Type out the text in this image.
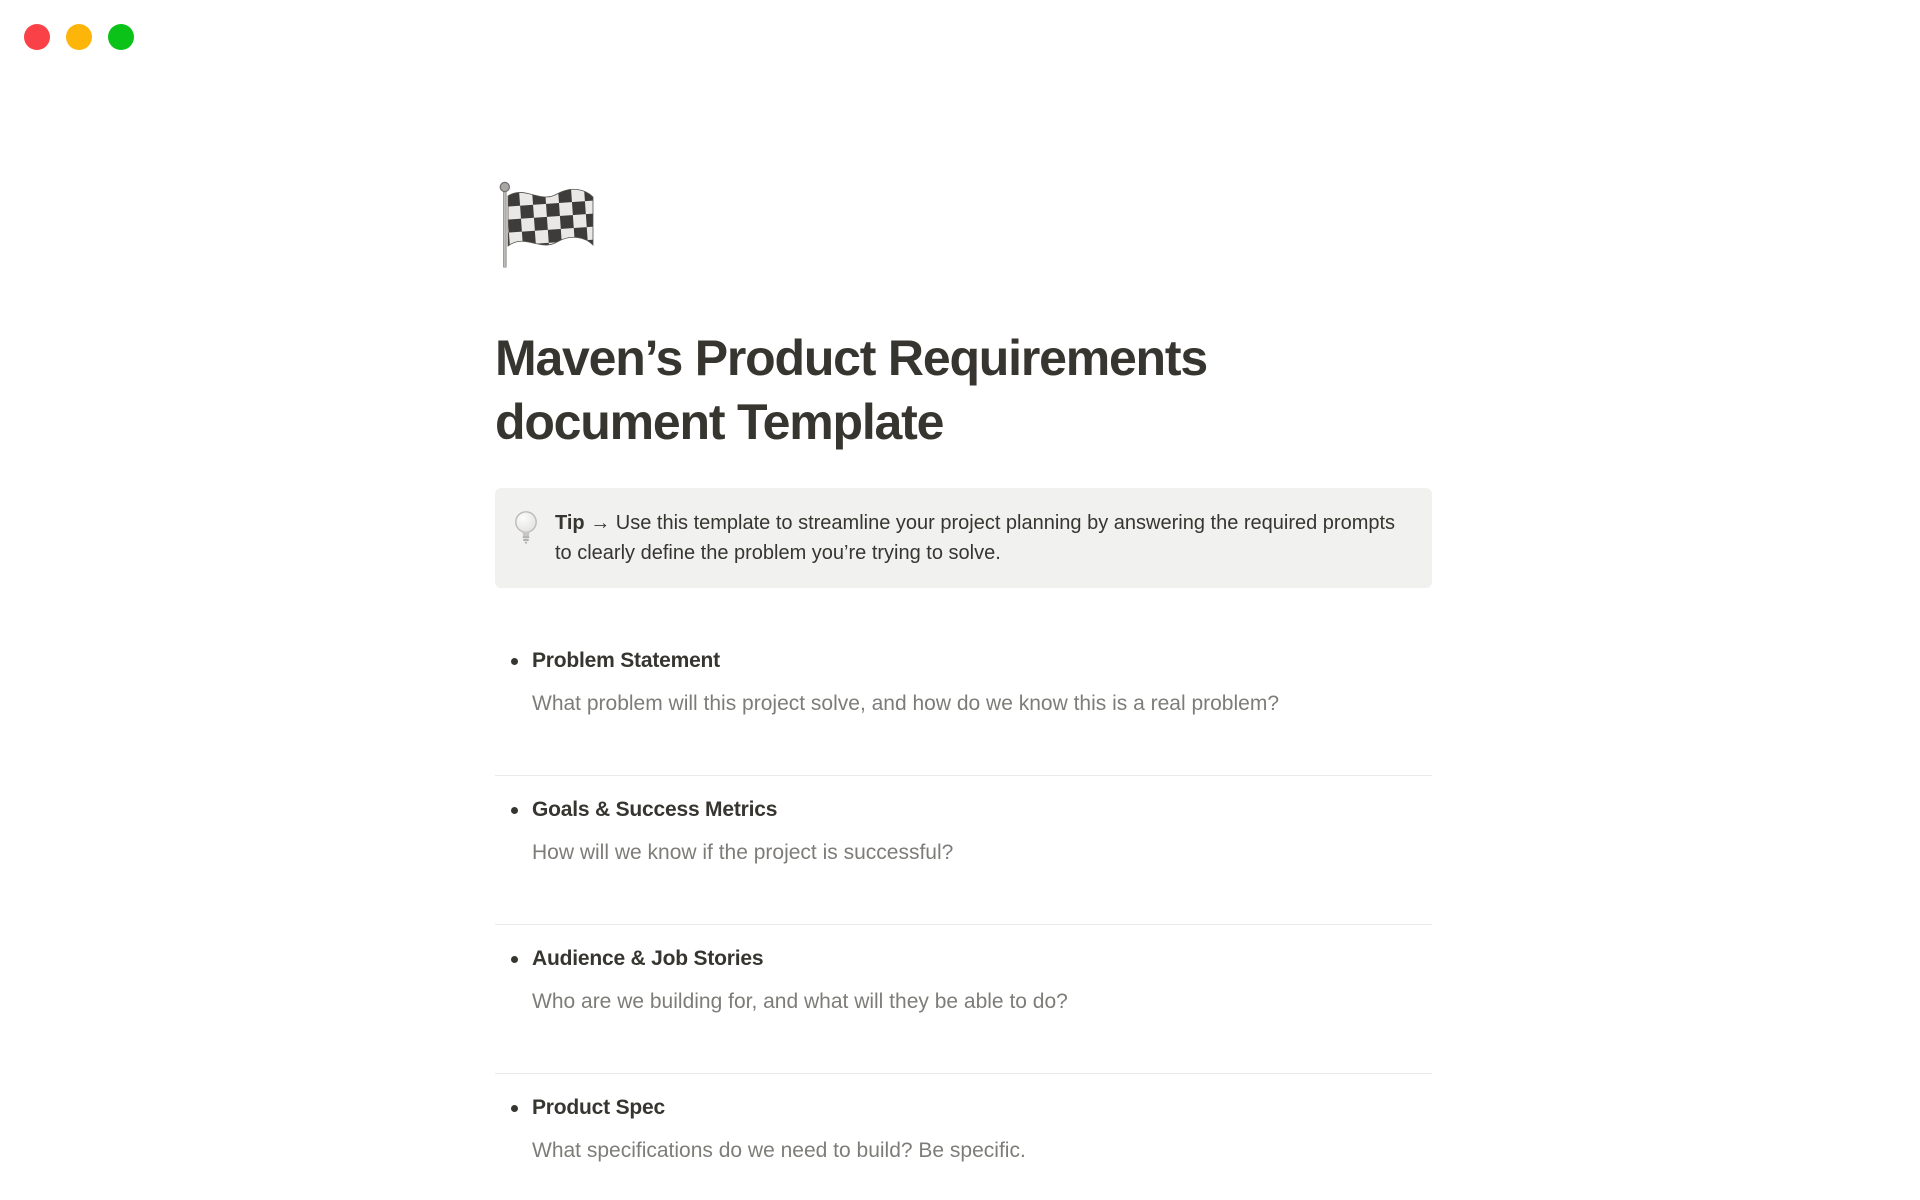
Maven’s Product Requirements document Template
Tip → Use this template to streamline your project planning by answering the required prompts to clearly define the problem you’re trying to solve.
Problem Statement
What problem will this project solve, and how do we know this is a real problem?
Goals & Success Metrics
How will we know if the project is successful?
Audience & Job Stories
Who are we building for, and what will they be able to do?
Product Spec
What specifications do we need to build? Be specific.
